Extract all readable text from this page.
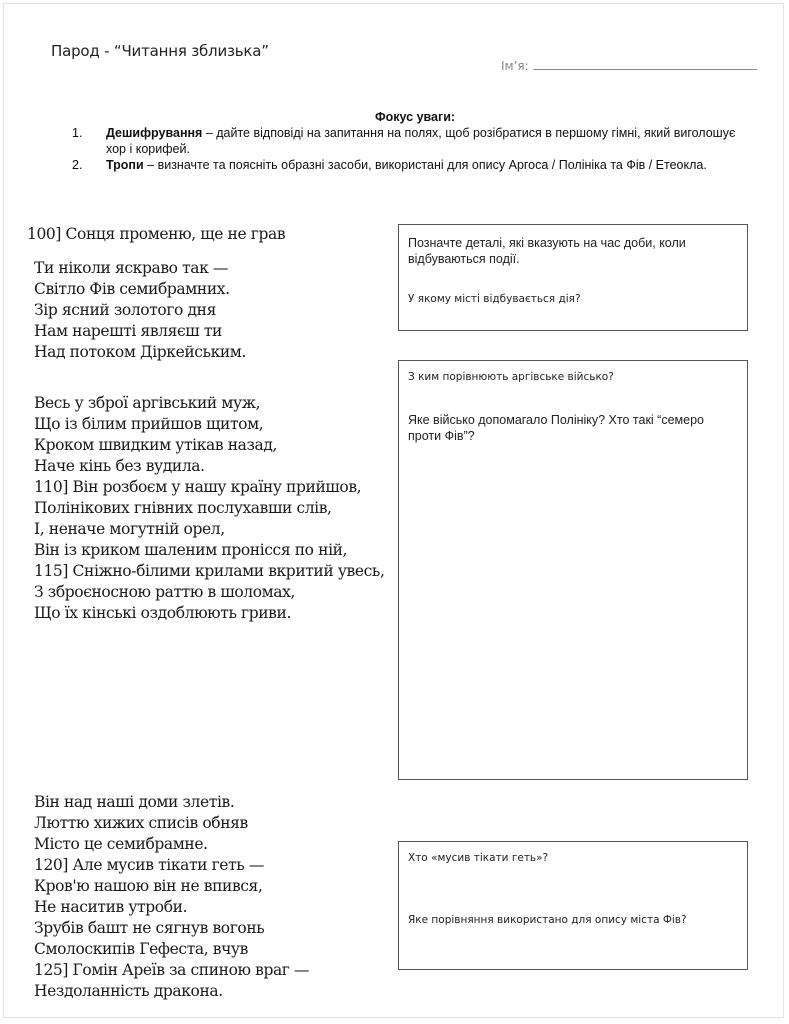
Парод - “Читання зблизька”
Ім’я:
Фокус уваги:
1. Дешифрування – дайте відповіді на запитання на полях, щоб розібратися в першому гімні, який виголошує хор і корифей.
2. Тропи – визначте та поясніть образні засоби, використані для опису Аргоса / Полініка та Фів / Етеокла.
100] Сонця променю, ще не грав
Ти ніколи яскраво так —
Світло Фів семибрамних.
Зір ясний золотого дня
Нам нарешті являєш ти
Над потоком Діркейським.
Весь у зброї аргівський муж,
Що із білим прийшов щитом,
Кроком швидким утікав назад,
Наче кінь без вудила.
110] Він розбоєм у нашу країну прийшов,
Полінікових гнівних послухавши слів,
І, неначе могутній орел,
Він із криком шаленим пронісся по ній,
115] Сніжно-білими крилами вкритий увесь,
З зброєносною раттю в шоломах,
Що їх кінські оздоблюють гриви.
Він над наші доми злетів.
Люттю хижих списів обняв
Місто це семибрамне.
120] Але мусив тікати геть —
Кров'ю нашою він не впився,
Не наситив утроби.
Зрубів башт не сягнув вогонь
Смолоскипів Гефеста, вчув
125] Гомін Ареїв за спиною враг —
Нездоланність дракона.
Позначте деталі, які вказують на час доби, коли відбуваються події.
У якому місті відбувається дія?
З ким порівнюють аргівське військо?
Яке військо допомагало Полініку? Хто такі “семеро проти Фів”?
Хто «мусив тікати геть»?
Яке порівняння використано для опису міста Фів?
